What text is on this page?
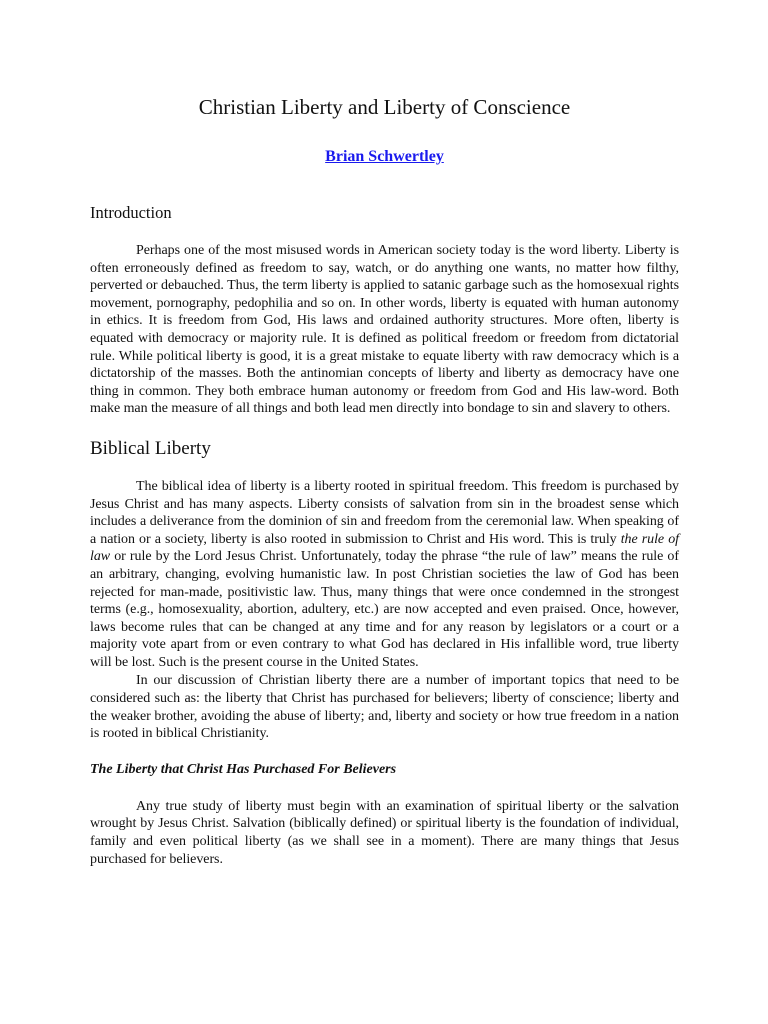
Christian Liberty and Liberty of Conscience
Brian Schwertley
Introduction

Perhaps one of the most misused words in American society today is the word liberty. Liberty is often erroneously defined as freedom to say, watch, or do anything one wants, no matter how filthy, perverted or debauched. Thus, the term liberty is applied to satanic garbage such as the homosexual rights movement, pornography, pedophilia and so on. In other words, liberty is equated with human autonomy in ethics. It is freedom from God, His laws and ordained authority structures. More often, liberty is equated with democracy or majority rule. It is defined as political freedom or freedom from dictatorial rule. While political liberty is good, it is a great mistake to equate liberty with raw democracy which is a dictatorship of the masses. Both the antinomian concepts of liberty and liberty as democracy have one thing in common. They both embrace human autonomy or freedom from God and His law-word. Both make man the measure of all things and both lead men directly into bondage to sin and slavery to others.

Biblical Liberty

The biblical idea of liberty is a liberty rooted in spiritual freedom. This freedom is purchased by Jesus Christ and has many aspects. Liberty consists of salvation from sin in the broadest sense which includes a deliverance from the dominion of sin and freedom from the ceremonial law. When speaking of a nation or a society, liberty is also rooted in submission to Christ and His word. This is truly the rule of law or rule by the Lord Jesus Christ. Unfortunately, today the phrase “the rule of law” means the rule of an arbitrary, changing, evolving humanistic law. In post Christian societies the law of God has been rejected for man-made, positivistic law. Thus, many things that were once condemned in the strongest terms (e.g., homosexuality, abortion, adultery, etc.) are now accepted and even praised. Once, however, laws become rules that can be changed at any time and for any reason by legislators or a court or a majority vote apart from or even contrary to what God has declared in His infallible word, true liberty will be lost. Such is the present course in the United States.

In our discussion of Christian liberty there are a number of important topics that need to be considered such as: the liberty that Christ has purchased for believers; liberty of conscience; liberty and the weaker brother, avoiding the abuse of liberty; and, liberty and society or how true freedom in a nation is rooted in biblical Christianity.

The Liberty that Christ Has Purchased For Believers

Any true study of liberty must begin with an examination of spiritual liberty or the salvation wrought by Jesus Christ. Salvation (biblically defined) or spiritual liberty is the foundation of individual, family and even political liberty (as we shall see in a moment). There are many things that Jesus purchased for believers.
